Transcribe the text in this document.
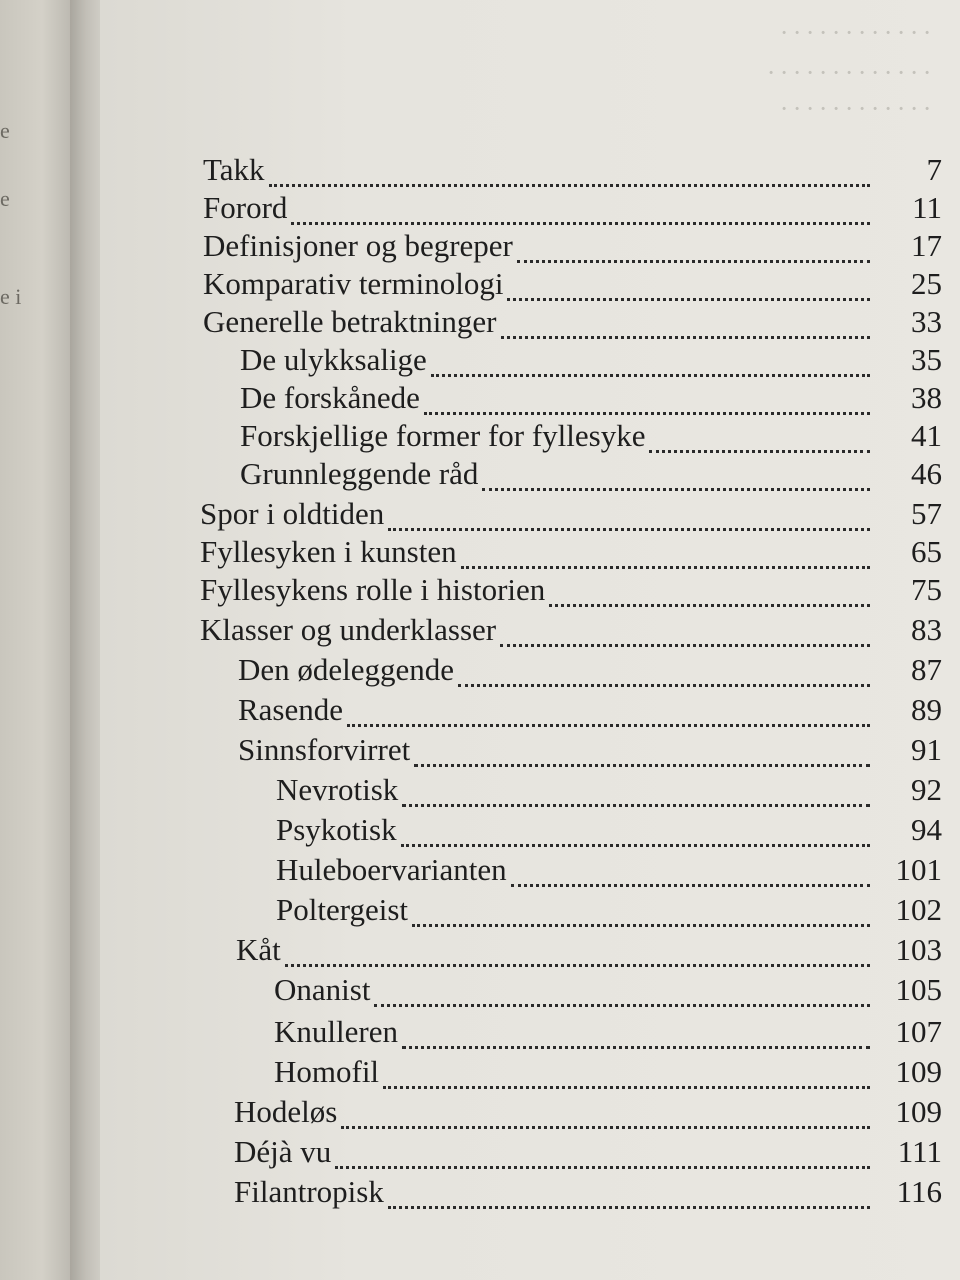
e
e
e i
· · · · · · · · · · · ·
· · · · · · · · · · · · ·
· · · · · · · · · · · ·
Takk	7
Forord	11
Definisjoner og begreper	17
Komparativ terminologi	25
Generelle betraktninger	33
De ulykksalige	35
De forskånede	38
Forskjellige former for fyllesyke	41
Grunnleggende råd	46
Spor i oldtiden	57
Fyllesyken i kunsten	65
Fyllesykens rolle i historien	75
Klasser og underklasser	83
Den ødeleggende	87
Rasende	89
Sinnsforvirret	91
Nevrotisk	92
Psykotisk	94
Huleboervarianten	101
Poltergeist	102
Kåt	103
Onanist	105
Knulleren	107
Homofil	109
Hodeløs	109
Déjà vu	111
Filantropisk	116
